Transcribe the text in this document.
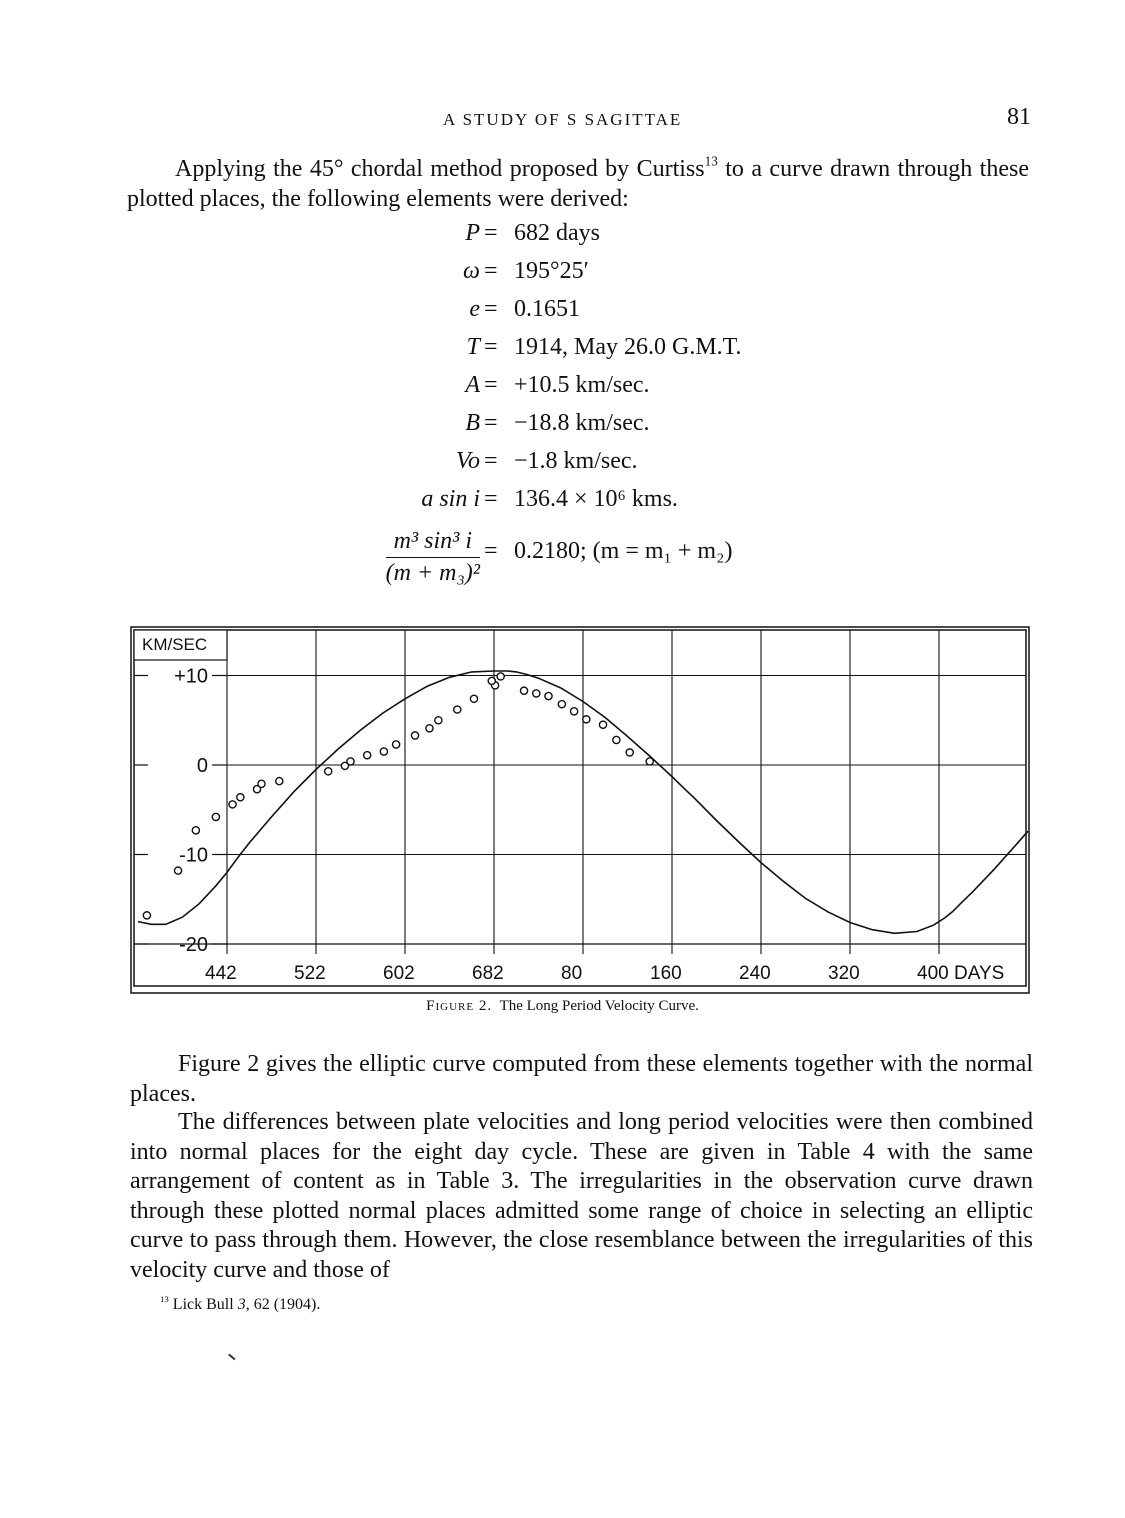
A STUDY OF S SAGITTAE	81
Applying the 45° chordal method proposed by Curtiss$^{13}$ to a curve drawn through these plotted places, the following elements were derived:
P = 682 days
ω = 195°25′
e = 0.1651
T = 1914, May 26.0 G.M.T.
A = +10.5 km/sec.
B = −18.8 km/sec.
Vo = −1.8 km/sec.
a sin i = 136.4 × 10⁶ kms.
$\frac{\text{m³ sin³ i}}{\text{(m + m₃)²}} = 0.2180$; (m = m₁ + m₂)
442	522	602	682	80	160	240	320	400 DAYS
+10
0
-10
-20
KM/SEC
Figure 2. The Long Period Velocity Curve.
Figure 2 gives the elliptic curve computed from these elements together with the normal places.
The differences between plate velocities and long period velocities were then combined into normal places for the eight day cycle. These are given in Table 4 with the same arrangement of content as in Table 3. The irregularities in the observation curve drawn through these plotted normal places admitted some range of choice in selecting an elliptic curve to pass through them. However, the close resemblance between the irregularities of this velocity curve and those of
$^{13}$ Lick Bull 3, 62 (1904).
